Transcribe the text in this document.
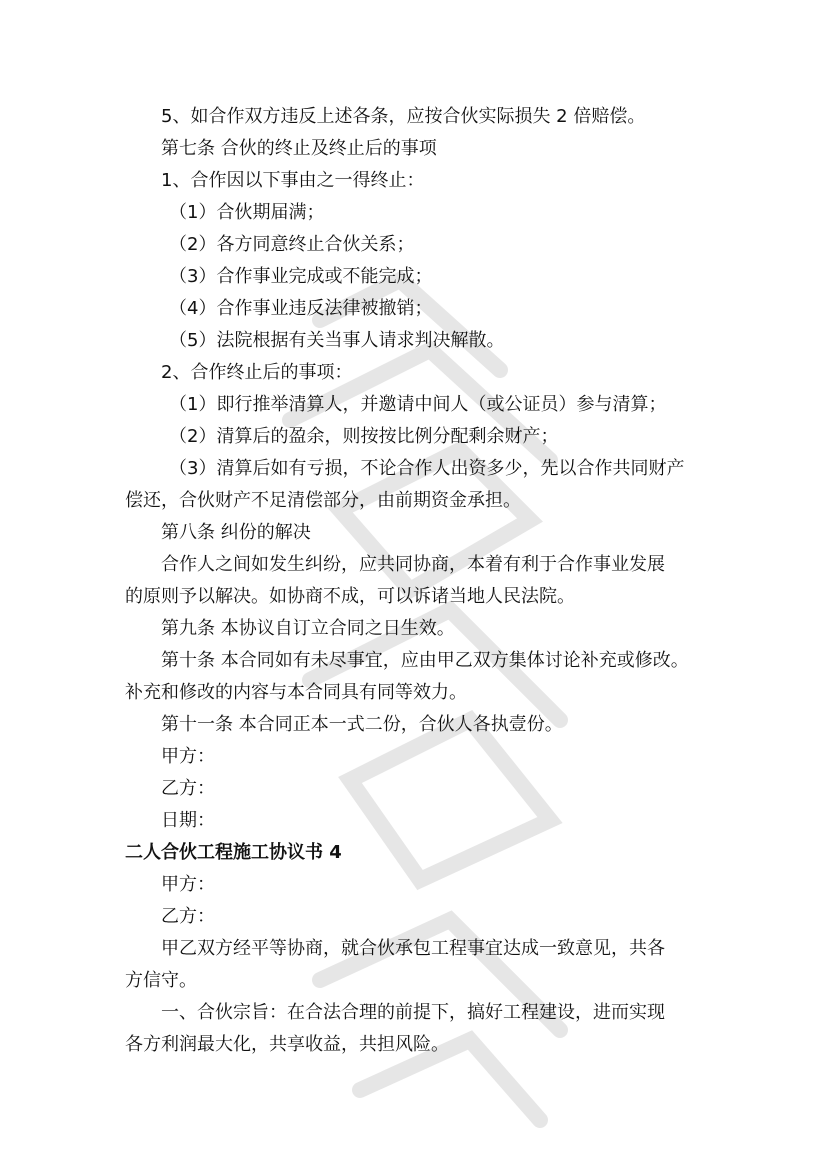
5、如合作双方违反上述各条，应按合伙实际损失 2 倍赔偿。
第七条 合伙的终止及终止后的事项
1、合作因以下事由之一得终止：
（1）合伙期届满；
（2）各方同意终止合伙关系；
（3）合作事业完成或不能完成；
（4）合作事业违反法律被撤销；
（5）法院根据有关当事人请求判决解散。
2、合作终止后的事项：
（1）即行推举清算人，并邀请中间人（或公证员）参与清算；
（2）清算后的盈余，则按按比例分配剩余财产；
（3）清算后如有亏损，不论合作人出资多少，先以合作共同财产
偿还，合伙财产不足清偿部分，由前期资金承担。
第八条 纠份的解决
合作人之间如发生纠纷，应共同协商，本着有利于合作事业发展
的原则予以解决。如协商不成，可以诉诸当地人民法院。
第九条 本协议自订立合同之日生效。
第十条 本合同如有未尽事宜，应由甲乙双方集体讨论补充或修改。
补充和修改的内容与本合同具有同等效力。
第十一条 本合同正本一式二份，合伙人各执壹份。
甲方：
乙方：
日期：
二人合伙工程施工协议书 4
甲方：
乙方：
甲乙双方经平等协商，就合伙承包工程事宜达成一致意见，共各
方信守。
一、合伙宗旨：在合法合理的前提下，搞好工程建设，进而实现
各方利润最大化，共享收益，共担风险。
